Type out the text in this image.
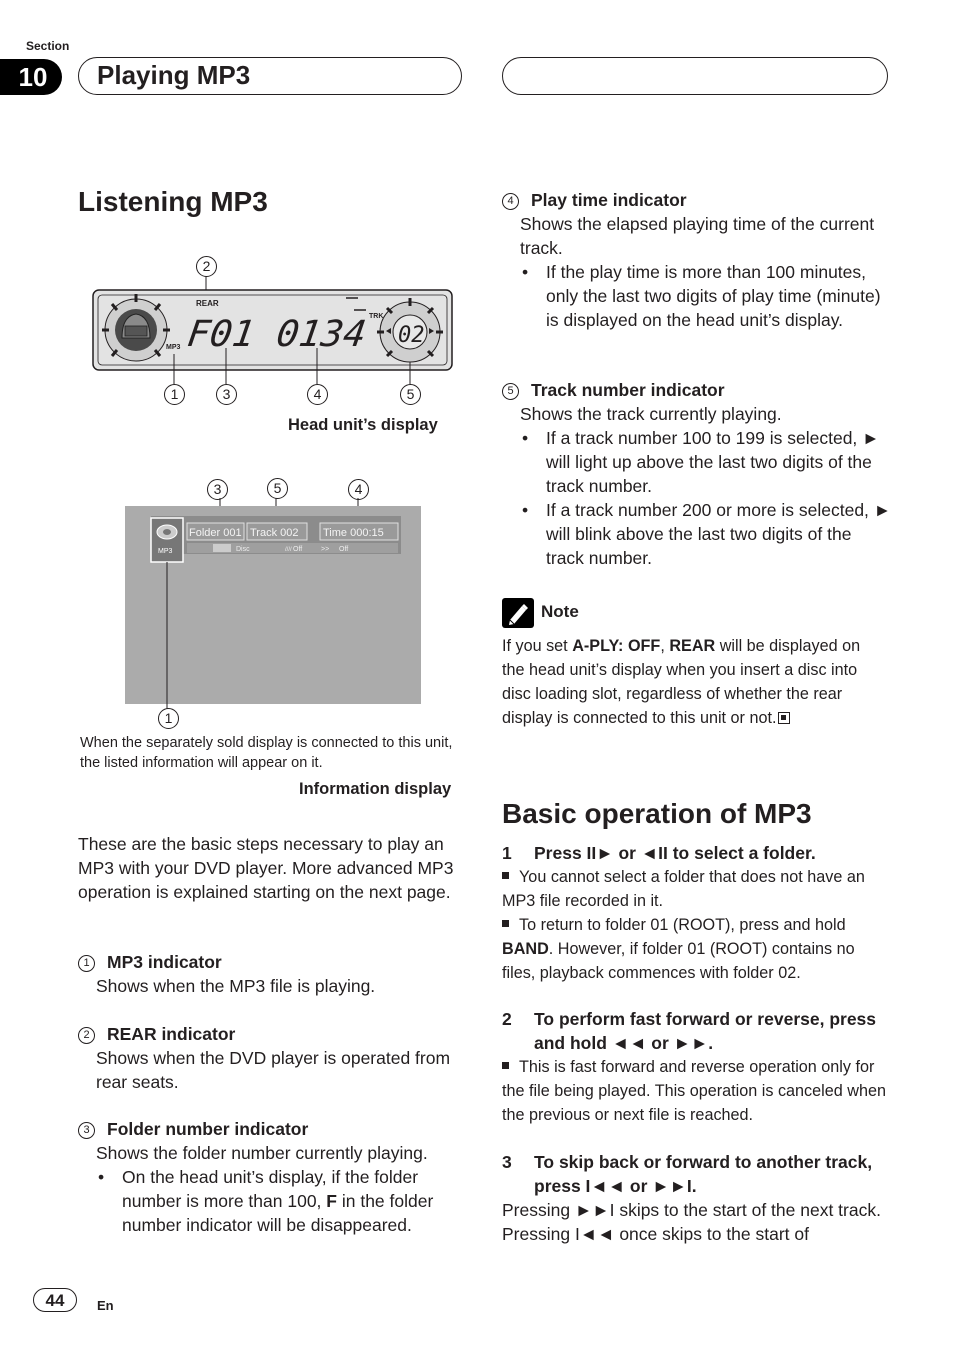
Section
10	Playing MP3
Listening MP3
2
REAR
MP3 F01 0134 TRK
02
1	3	4	5
Head unit’s display
3	5	4
Folder 001 Track 002 Time 000:15
Disc	//// Off	>> Off
MP3
1
When the separately sold display is connected to this unit, the listed information will appear on it.
Information display
These are the basic steps necessary to play an MP3 with your DVD player. More advanced MP3 operation is explained starting on the next page.
1 MP3 indicator
Shows when the MP3 file is playing.
2 REAR indicator
Shows when the DVD player is operated from rear seats.
3 Folder number indicator
Shows the folder number currently playing.
• On the head unit’s display, if the folder number is more than 100, F in the folder number indicator will be disappeared.
4 Play time indicator
Shows the elapsed playing time of the current track.
• If the play time is more than 100 minutes, only the last two digits of play time (minute) is displayed on the head unit’s display.
5 Track number indicator
Shows the track currently playing.
• If a track number 100 to 199 is selected, ► will light up above the last two digits of the track number.
• If a track number 200 or more is selected, ► will blink above the last two digits of the track number.
Note
If you set A-PLY: OFF, REAR will be displayed on the head unit’s display when you insert a disc into disc loading slot, regardless of whether the rear display is connected to this unit or not.
Basic operation of MP3
1	Press II► or ◄II to select a folder.
You cannot select a folder that does not have an MP3 file recorded in it.
To return to folder 01 (ROOT), press and hold BAND. However, if folder 01 (ROOT) contains no files, playback commences with folder 02.
2	To perform fast forward or reverse, press and hold ◄◄ or ►►.
This is fast forward and reverse operation only for the file being played. This operation is canceled when the previous or next file is reached.
3	To skip back or forward to another track, press I◄◄ or ►►I.
Pressing ►►I skips to the start of the next track. Pressing I◄◄ once skips to the start of
44	En
